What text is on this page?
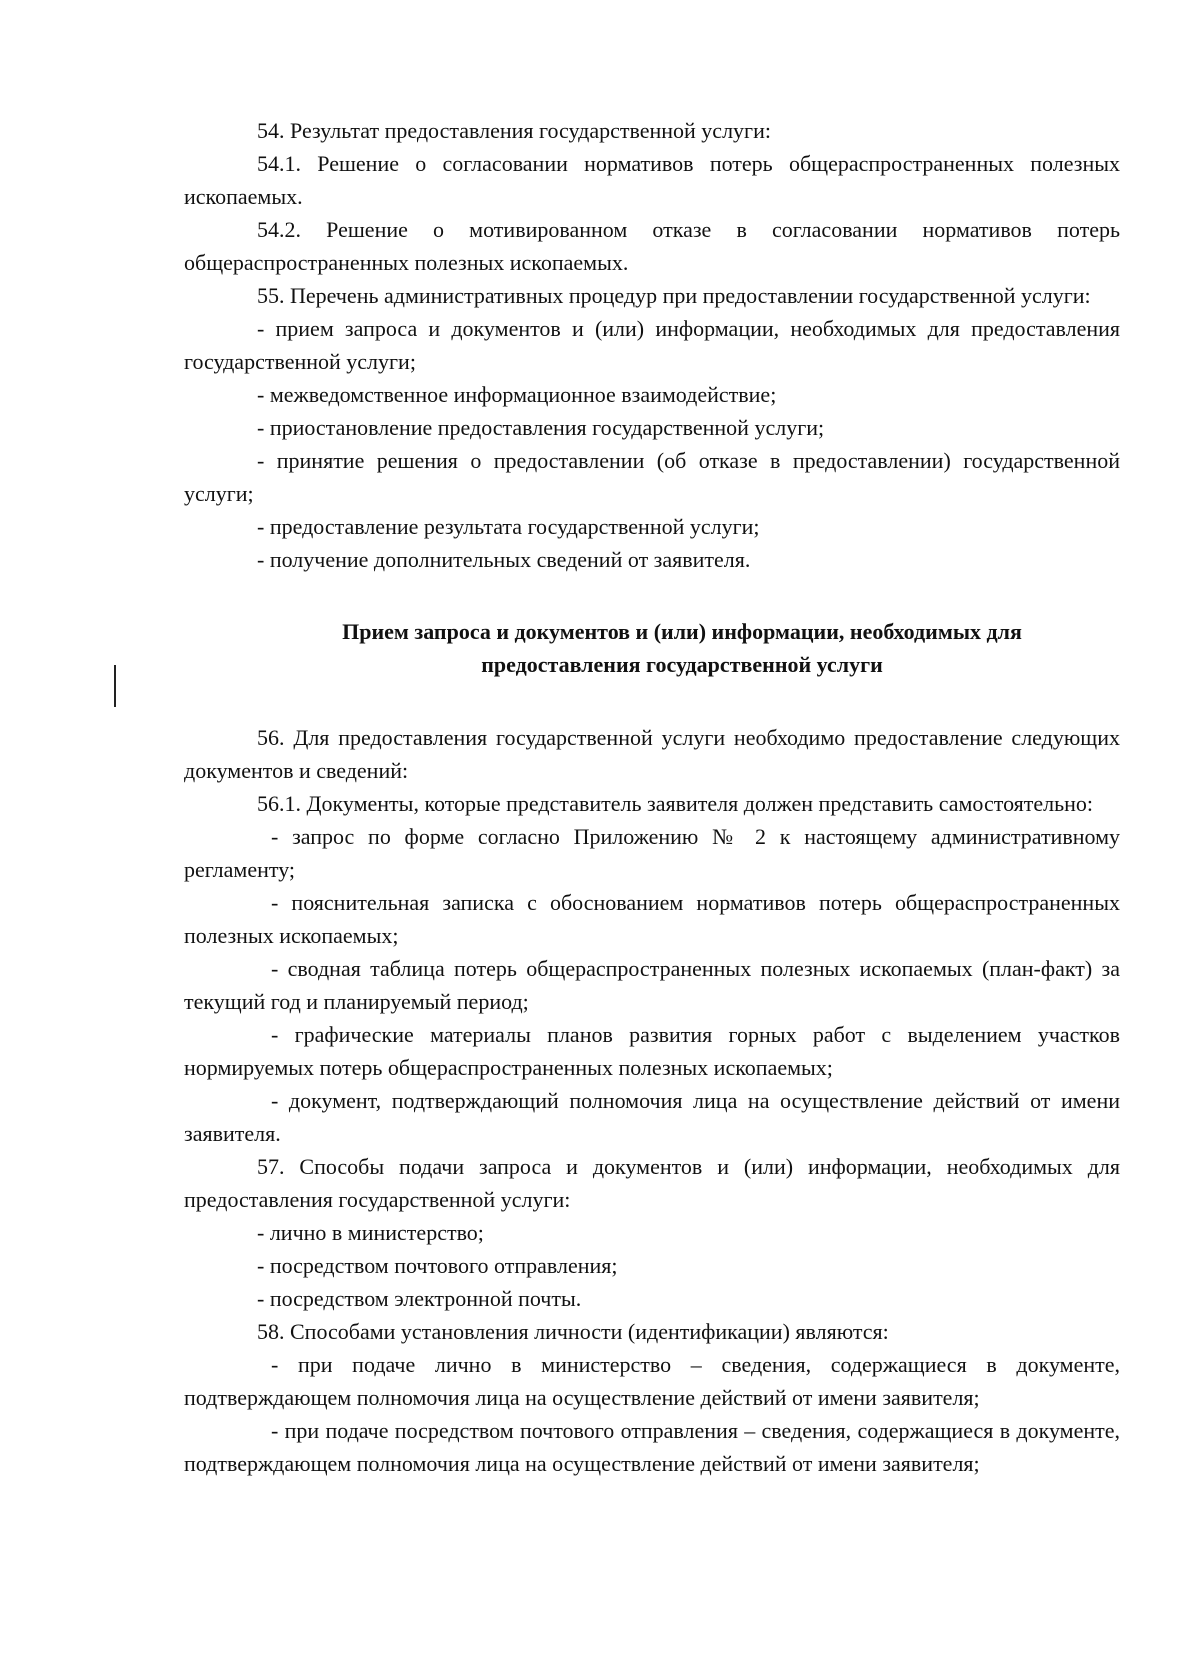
54. Результат предоставления государственной услуги:

54.1. Решение о согласовании нормативов потерь общераспространенных полезных ископаемых.

54.2. Решение о мотивированном отказе в согласовании нормативов потерь общераспространенных полезных ископаемых.

55. Перечень административных процедур при предоставлении государственной услуги:

- прием запроса и документов и (или) информации, необходимых для предоставления государственной услуги;

- межведомственное информационное взаимодействие;

- приостановление предоставления государственной услуги;

- принятие решения о предоставлении (об отказе в предоставлении) государственной услуги;

- предоставление результата государственной услуги;

- получение дополнительных сведений от заявителя.

Прием запроса и документов и (или) информации, необходимых для
предоставления государственной услуги

56. Для предоставления государственной услуги необходимо предоставление следующих документов и сведений:

56.1. Документы, которые представитель заявителя должен представить самостоятельно:

- запрос по форме согласно Приложению № 2 к настоящему административному регламенту;

- пояснительная записка с обоснованием нормативов потерь общераспространенных полезных ископаемых;

- сводная таблица потерь общераспространенных полезных ископаемых (план-факт) за текущий год и планируемый период;

- графические материалы планов развития горных работ с выделением участков нормируемых потерь общераспространенных полезных ископаемых;

- документ, подтверждающий полномочия лица на осуществление действий от имени заявителя.

57. Способы подачи запроса и документов и (или) информации, необходимых для предоставления государственной услуги:

- лично в министерство;

- посредством почтового отправления;

- посредством электронной почты.

58. Способами установления личности (идентификации) являются:

- при подаче лично в министерство – сведения, содержащиеся в документе, подтверждающем полномочия лица на осуществление действий от имени заявителя;

- при подаче посредством почтового отправления – сведения, содержащиеся в документе, подтверждающем полномочия лица на осуществление действий от имени заявителя;
